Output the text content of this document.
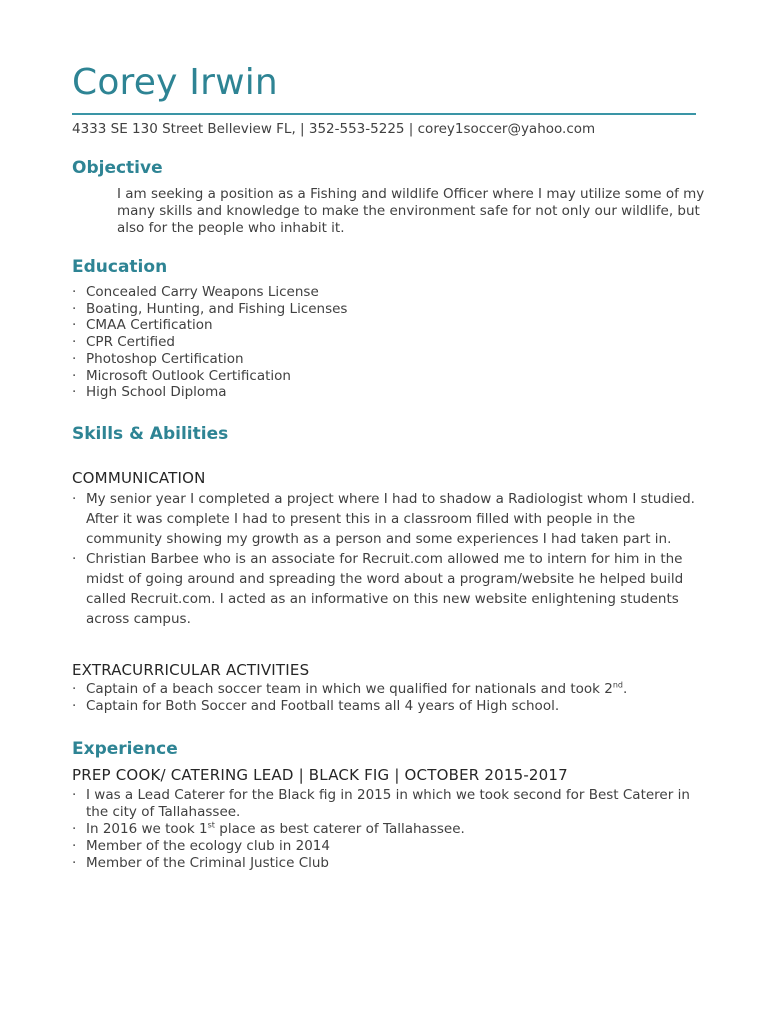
Corey Irwin
4333 SE 130 Street Belleview FL, | 352-553-5225 | corey1soccer@yahoo.com
Objective
I am seeking a position as a Fishing and wildlife Officer where I may utilize some of my many skills and knowledge to make the environment safe for not only our wildlife, but also for the people who inhabit it.
Education
· Concealed Carry Weapons License
· Boating, Hunting, and Fishing Licenses
· CMAA Certification
· CPR Certified
· Photoshop Certification
· Microsoft Outlook Certification
· High School Diploma
Skills & Abilities
COMMUNICATION
· My senior year I completed a project where I had to shadow a Radiologist whom I studied. After it was complete I had to present this in a classroom filled with people in the community showing my growth as a person and some experiences I had taken part in.
· Christian Barbee who is an associate for Recruit.com allowed me to intern for him in the midst of going around and spreading the word about a program/website he helped build called Recruit.com. I acted as an informative on this new website enlightening students across campus.
EXTRACURRICULAR ACTIVITIES
· Captain of a beach soccer team in which we qualified for nationals and took 2nd.
· Captain for Both Soccer and Football teams all 4 years of High school.
Experience
PREP COOK/ CATERING LEAD | BLACK FIG | OCTOBER 2015-2017
· I was a Lead Caterer for the Black fig in 2015 in which we took second for Best Caterer in the city of Tallahassee.
· In 2016 we took 1st place as best caterer of Tallahassee.
· Member of the ecology club in 2014
· Member of the Criminal Justice Club
